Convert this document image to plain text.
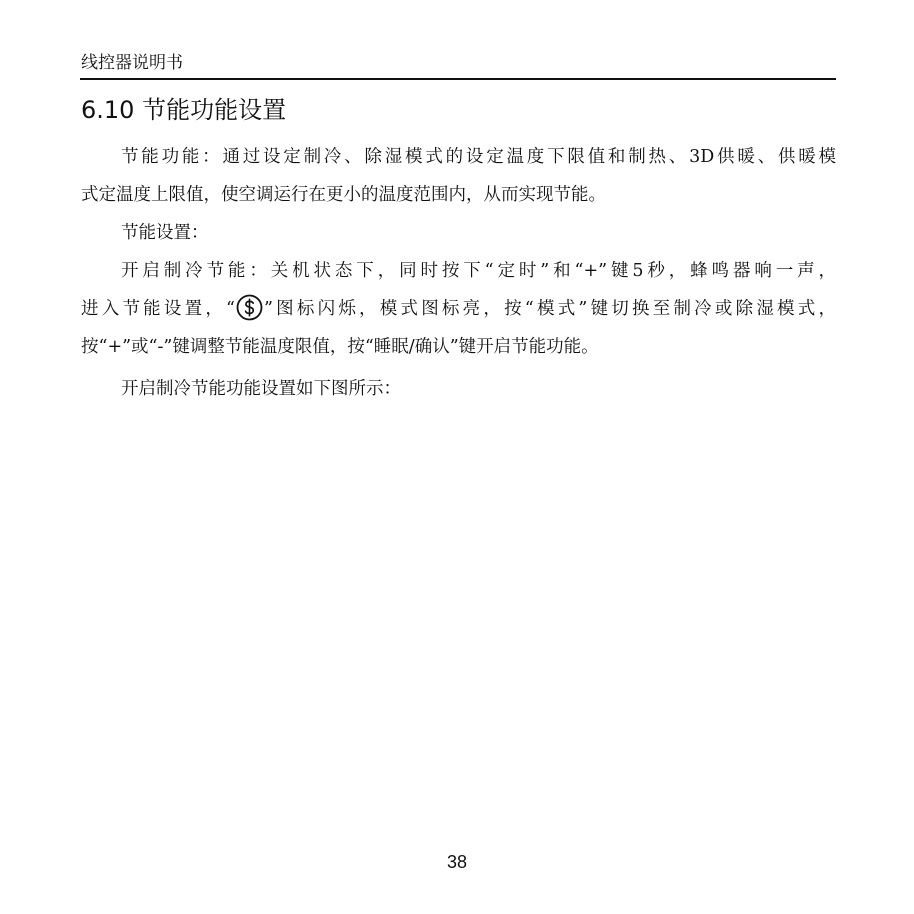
线控器说明书
6.10 节能功能设置
节能功能：通过设定制冷、除湿模式的设定温度下限值和制热、3D供暖、供暖模
式定温度上限值，使空调运行在更小的温度范围内，从而实现节能。
节能设置：
开启制冷节能：关机状态下，同时按下“定时”和“+”键5秒，蜂鸣器响一声，
进入节能设置，“ ”图标闪烁，模式图标亮，按“模式”键切换至制冷或除湿模式，
按“+”或“-”键调整节能温度限值，按“睡眠/确认”键开启节能功能。
开启制冷节能功能设置如下图所示：
38
